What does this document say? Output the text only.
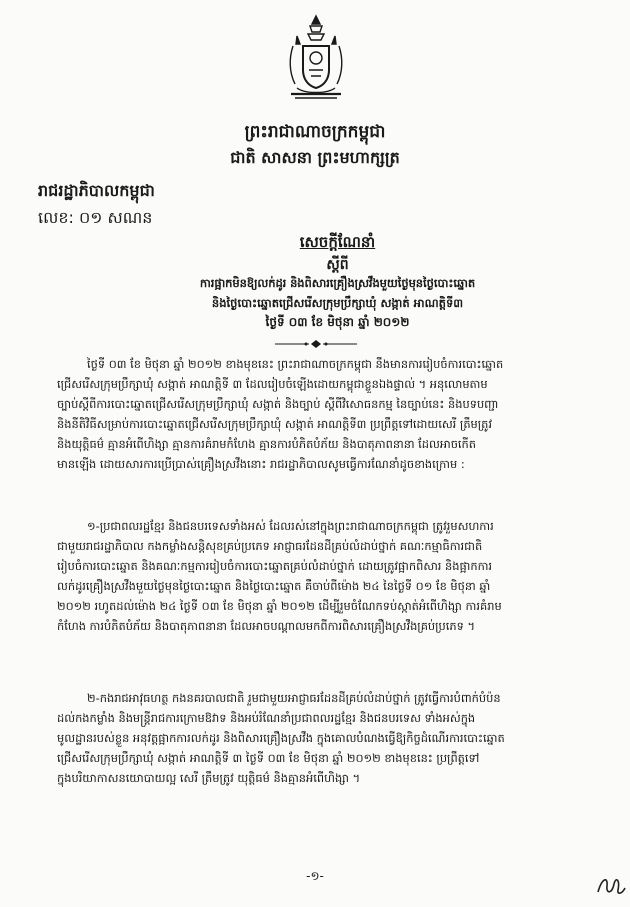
ព្រះរាជាណាចក្រកម្ពុជា
ជាតិ សាសនា ព្រះមហាក្សត្រ
រាជរដ្ឋាភិបាលកម្ពុជា
លេខ: ០១ សណន
សេចក្តីណែនាំ
ស្តីពី
ការផ្អាកមិនឱ្យលក់ដូរ និងពិសារគ្រឿងស្រវឹងមួយថ្ងៃមុនថ្ងៃបោះឆ្នោត
និងថ្ងៃបោះឆ្នោតជ្រើសរើសក្រុមប្រឹក្សាឃុំ សង្កាត់ អាណត្តិទី៣
ថ្ងៃទី ០៣ ខែ មិថុនា ឆ្នាំ ២០១២
ថ្ងៃទី ០៣ ខែ មិថុនា ឆ្នាំ ២០១២ ខាងមុខនេះ ព្រះរាជាណាចក្រកម្ពុជា នឹងមានការរៀបចំការបោះឆ្នោត
ជ្រើសរើសក្រុមប្រឹក្សាឃុំ សង្កាត់ អាណត្តិទី ៣ ដែលរៀបចំឡើងដោយកម្ពុជាខ្លួនឯងផ្ទាល់ ។ អនុលោមតាម
ច្បាប់ស្តីពីការបោះឆ្នោតជ្រើសរើសក្រុមប្រឹក្សាឃុំ សង្កាត់ និងច្បាប់ ស្តីពីវិសោធនកម្ម នៃច្បាប់នេះ និងបទបញ្ជា
និងនីតិវិធីសម្រាប់ការបោះឆ្នោតជ្រើសរើសក្រុមប្រឹក្សាឃុំ សង្កាត់ អាណត្តិទី៣ ប្រព្រឹត្តទៅដោយសេរី ត្រឹមត្រូវ
និងយុត្តិធម៌ គ្មានអំពើហិង្សា គ្មានការគំរាមកំហែង គ្មានការបំភិតបំភ័យ និងបាតុភាពនានា ដែលអាចកើត
មានឡើង ដោយសារការប្រើប្រាស់គ្រឿងស្រវឹងនោះ រាជរដ្ឋាភិបាលសូមធ្វើការណែនាំដូចខាងក្រោម :
១-ប្រជាពលរដ្ឋខ្មែរ និងជនបរទេសទាំងអស់ ដែលរស់នៅក្នុងព្រះរាជាណាចក្រកម្ពុជា ត្រូវរួមសហការ
ជាមួយរាជរដ្ឋាភិបាល កងកម្លាំងសន្តិសុខគ្រប់ប្រភេទ អាជ្ញាធរដែនដីគ្រប់លំដាប់ថ្នាក់ គណៈកម្មាធិការជាតិ
រៀបចំការបោះឆ្នោត និងគណៈកម្មការរៀបចំការបោះឆ្នោតគ្រប់លំដាប់ថ្នាក់ ដោយត្រូវផ្អាកពិសារ និងផ្អាកការ
លក់ដូរគ្រឿងស្រវឹងមួយថ្ងៃមុនថ្ងៃបោះឆ្នោត និងថ្ងៃបោះឆ្នោត គឺចាប់ពីម៉ោង ២៤ នៃថ្ងៃទី ០១ ខែ មិថុនា ឆ្នាំ
២០១២ រហូតដល់ម៉ោង ២៤ ថ្ងៃទី ០៣ ខែ មិថុនា ឆ្នាំ ២០១២ ដើម្បីរួមចំណែកទប់ស្កាត់អំពើហិង្សា ការគំរាម
កំហែង ការបំភិតបំភ័យ និងបាតុភាពនានា ដែលអាចបណ្តាលមកពីការពិសារគ្រឿងស្រវឹងគ្រប់ប្រភេទ ។
២-កងរាជអាវុធហត្ថ កងនគរបាលជាតិ រួមជាមួយអាជ្ញាធរដែនដីគ្រប់លំដាប់ថ្នាក់ ត្រូវធ្វើការបំពាក់បំប៉ន
ដល់កងកម្លាំង និងមន្ត្រីរាជការក្រោមឱវាទ និងអប់រំណែនាំប្រជាពលរដ្ឋខ្មែរ និងជនបរទេស ទាំងអស់ក្នុង
មូលដ្ឋានរបស់ខ្លួន អនុវត្តផ្អាកការលក់ដូរ និងពិសារគ្រឿងស្រវឹង ក្នុងគោលបំណងធ្វើឱ្យកិច្ចដំណើរការបោះឆ្នោត
ជ្រើសរើសក្រុមប្រឹក្សាឃុំ សង្កាត់ អាណត្តិទី ៣ ថ្ងៃទី ០៣ ខែ មិថុនា ឆ្នាំ ២០១២ ខាងមុខនេះ ប្រព្រឹត្តទៅ
ក្នុងបរិយាកាសនយោបាយល្អ សេរី ត្រឹមត្រូវ យុត្តិធម៌ និងគ្មានអំពើហិង្សា ។
-១-
